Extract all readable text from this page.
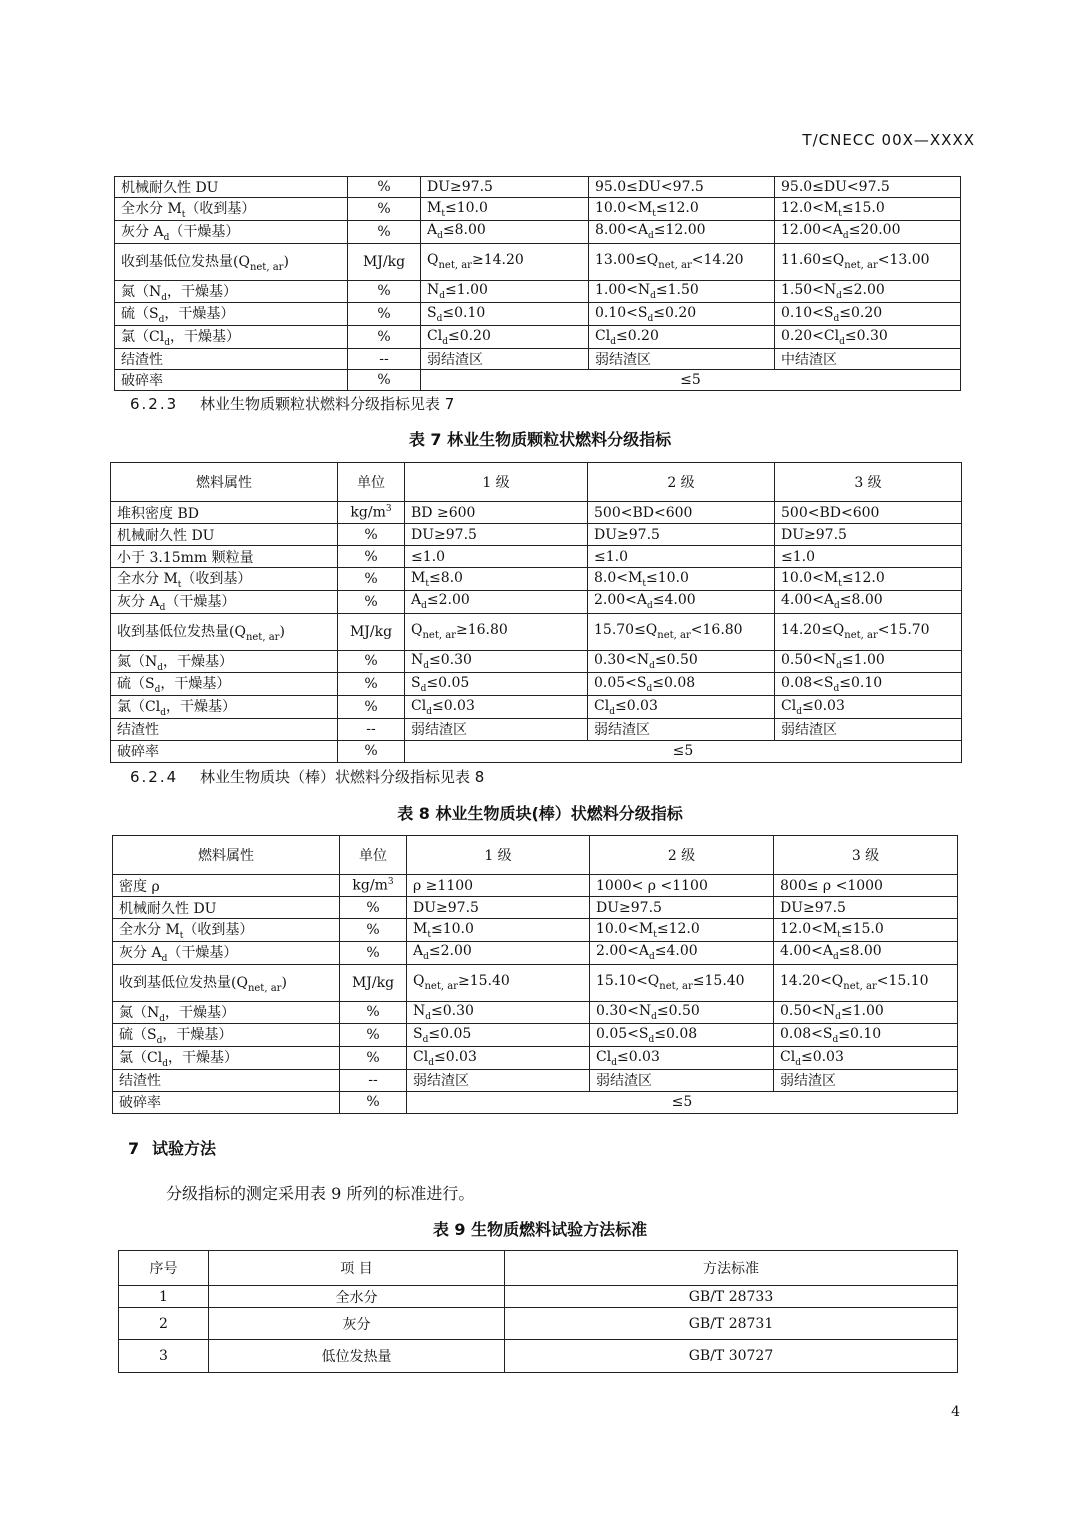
T/CNECC 00X—XXXX
机械耐久性 DU	%	DU≥97.5	95.0≤DU<97.5	95.0≤DU<97.5
全水分 $M_t$（收到基）	%	$M_t\le 10.0$	$10.0<M_t\le 12.0$	$12.0<M_t\le 15.0$
灰分 $A_d$（干燥基）	%	$A_d\le 8.00$	$8.00<A_d\le 12.00$	$12.00<A_d\le 20.00$
收到基低位发热量$(Q_{net, ar})$	MJ/kg	$Q_{net, ar}\ge 14.20$	$13.00\le Q_{net, ar}<14.20$	$11.60\le Q_{net, ar}<13.00$
氮（$N_d$，干燥基）	%	$N_d\le 1.00$	$1.00<N_d\le 1.50$	$1.50<N_d\le 2.00$
硫（$S_d$，干燥基）	%	$S_d\le 0.10$	$0.10<S_d\le 0.20$	$0.10<S_d\le 0.20$
氯（$Cl_d$，干燥基）	%	$Cl_d\le 0.20$	$Cl_d\le 0.20$	$0.20<Cl_d\le 0.30$
结渣性	--	弱结渣区	弱结渣区	中结渣区
破碎率	%	≤5		
6.2.3 林业生物质颗粒状燃料分级指标见表 7
表 7 林业生物质颗粒状燃料分级指标
燃料属性	单位	1 级	2 级	3 级
堆积密度 BD	$kg/m^3$	BD ≥600	500<BD<600	500<BD<600
机械耐久性 DU	%	DU≥97.5	DU≥97.5	DU≥97.5
小于 3.15mm 颗粒量	%	≤1.0	≤1.0	≤1.0
全水分 $M_t$（收到基）	%	$M_t\le 8.0$	$8.0<M_t\le 10.0$	$10.0<M_t\le 12.0$
灰分 $A_d$（干燥基）	%	$A_d\le 2.00$	$2.00<A_d\le 4.00$	$4.00<A_d\le 8.00$
收到基低位发热量$(Q_{net, ar})$	MJ/kg	$Q_{net, ar}\ge 16.80$	$15.70\le Q_{net, ar}<16.80$	$14.20\le Q_{net, ar}<15.70$
氮（$N_d$，干燥基）	%	$N_d\le 0.30$	$0.30<N_d\le 0.50$	$0.50<N_d\le 1.00$
硫（$S_d$，干燥基）	%	$S_d\le 0.05$	$0.05<S_d\le 0.08$	$0.08<S_d\le 0.10$
氯（$Cl_d$，干燥基）	%	$Cl_d\le 0.03$	$Cl_d\le 0.03$	$Cl_d\le 0.03$
结渣性	--	弱结渣区	弱结渣区	弱结渣区
破碎率	%	≤5		
6.2.4 林业生物质块（棒）状燃料分级指标见表 8
表 8 林业生物质块(棒）状燃料分级指标
燃料属性	单位	1 级	2 级	3 级
密度 ρ	$kg/m^3$	ρ ≥1100	1000< ρ <1100	800≤ ρ <1000
机械耐久性 DU	%	DU≥97.5	DU≥97.5	DU≥97.5
全水分 $M_t$（收到基）	%	$M_t\le 10.0$	$10.0<M_t\le 12.0$	$12.0<M_t\le 15.0$
灰分 $A_d$（干燥基）	%	$A_d\le 2.00$	$2.00<A_d\le 4.00$	$4.00<A_d\le 8.00$
收到基低位发热量$(Q_{net, ar})$	MJ/kg	$Q_{net, ar}\ge 15.40$	$15.10<Q_{net, ar}\le 15.40$	$14.20<Q_{net, ar}<15.10$
氮（$N_d$，干燥基）	%	$N_d\le 0.30$	$0.30<N_d\le 0.50$	$0.50<N_d\le 1.00$
硫（$S_d$，干燥基）	%	$S_d\le 0.05$	$0.05<S_d\le 0.08$	$0.08<S_d\le 0.10$
氯（$Cl_d$，干燥基）	%	$Cl_d\le 0.03$	$Cl_d\le 0.03$	$Cl_d\le 0.03$
结渣性	--	弱结渣区	弱结渣区	弱结渣区
破碎率	%	≤5		
7 试验方法
分级指标的测定采用表 9 所列的标准进行。
表 9 生物质燃料试验方法标准
序号	项 目	方法标准
1	全水分	GB/T 28733
2	灰分	GB/T 28731
3	低位发热量	GB/T 30727
4
